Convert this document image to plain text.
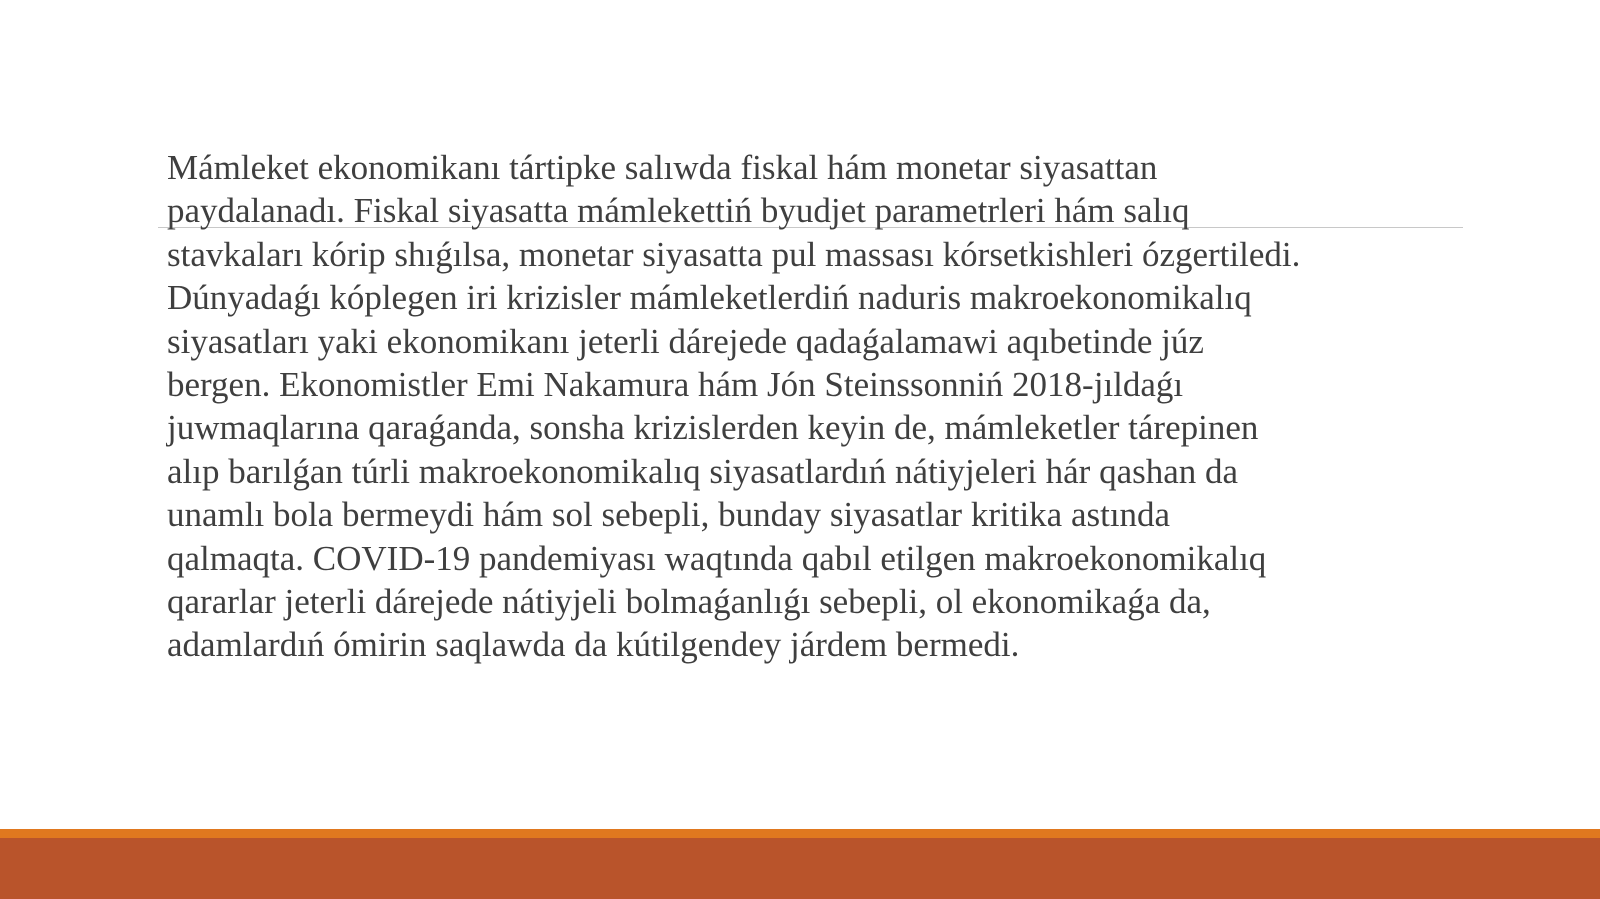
Mámleket ekonomikanı tártipke salıwda fiskal hám monetar siyasattan
paydalanadı. Fiskal siyasatta mámlekettiń byudjet parametrleri hám salıq
stavkaları kórip shıǵılsa, monetar siyasatta pul massası kórsetkishleri ózgertiledi.
Dúnyadaǵı kóplegen iri krizisler mámleketlerdiń naduris makroekonomikalıq
siyasatları yaki ekonomikanı jeterli dárejede qadaǵalamawi aqıbetinde júz
bergen. Ekonomistler Emi Nakamura hám Jón Steinssonniń 2018-jıldaǵı
juwmaqlarına qaraǵanda, sonsha krizislerden keyin de, mámleketler tárepinen
alıp barılǵan túrli makroekonomikalıq siyasatlardıń nátiyjeleri hár qashan da
unamlı bola bermeydi hám sol sebepli, bunday siyasatlar kritika astında
qalmaqta. COVID-19 pandemiyası waqtında qabıl etilgen makroekonomikalıq
qararlar jeterli dárejede nátiyjeli bolmaǵanlıǵı sebepli, ol ekonomikaǵa da,
adamlardıń ómirin saqlawda da kútilgendey járdem bermedi.
